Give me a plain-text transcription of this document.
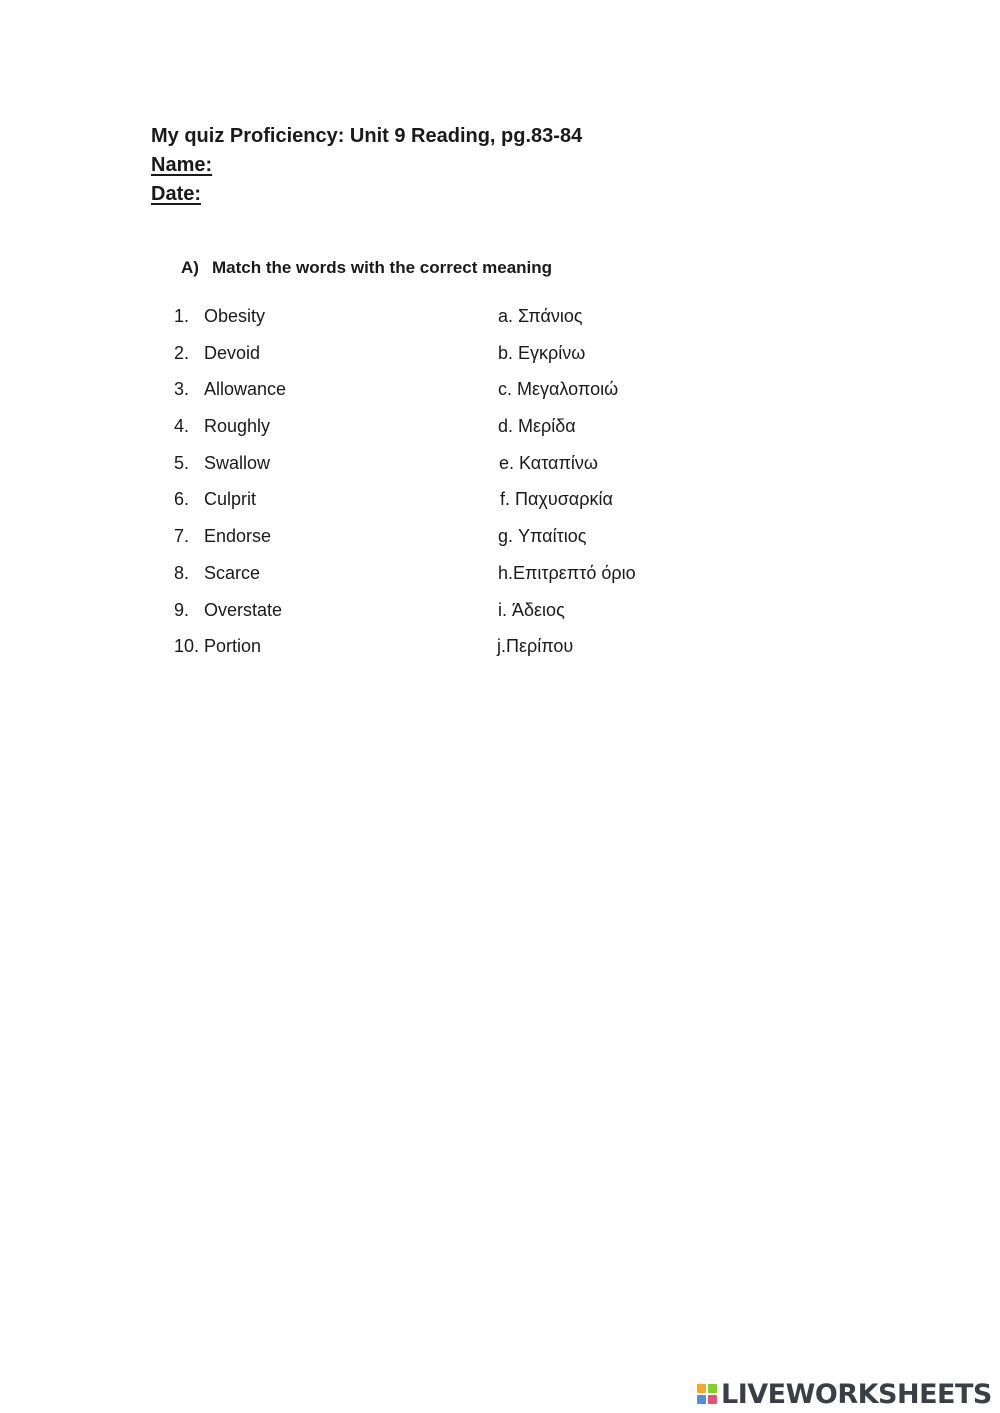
My quiz Proficiency: Unit 9 Reading, pg.83-84
Name:
Date:
A) Match the words with the correct meaning
1. Obesity	a. Σπάνιος
2. Devoid	b. Εγκρίνω
3. Allowance	c. Μεγαλοποιώ
4. Roughly	d. Μερίδα
5. Swallow	e. Καταπίνω
6. Culprit	f. Παχυσαρκία
7. Endorse	g. Υπαίτιος
8. Scarce	h.Επιτρεπτό όριο
9. Overstate	i. Άδειος
10. Portion	j.Περίπου
LIVEWORKSHEETS
